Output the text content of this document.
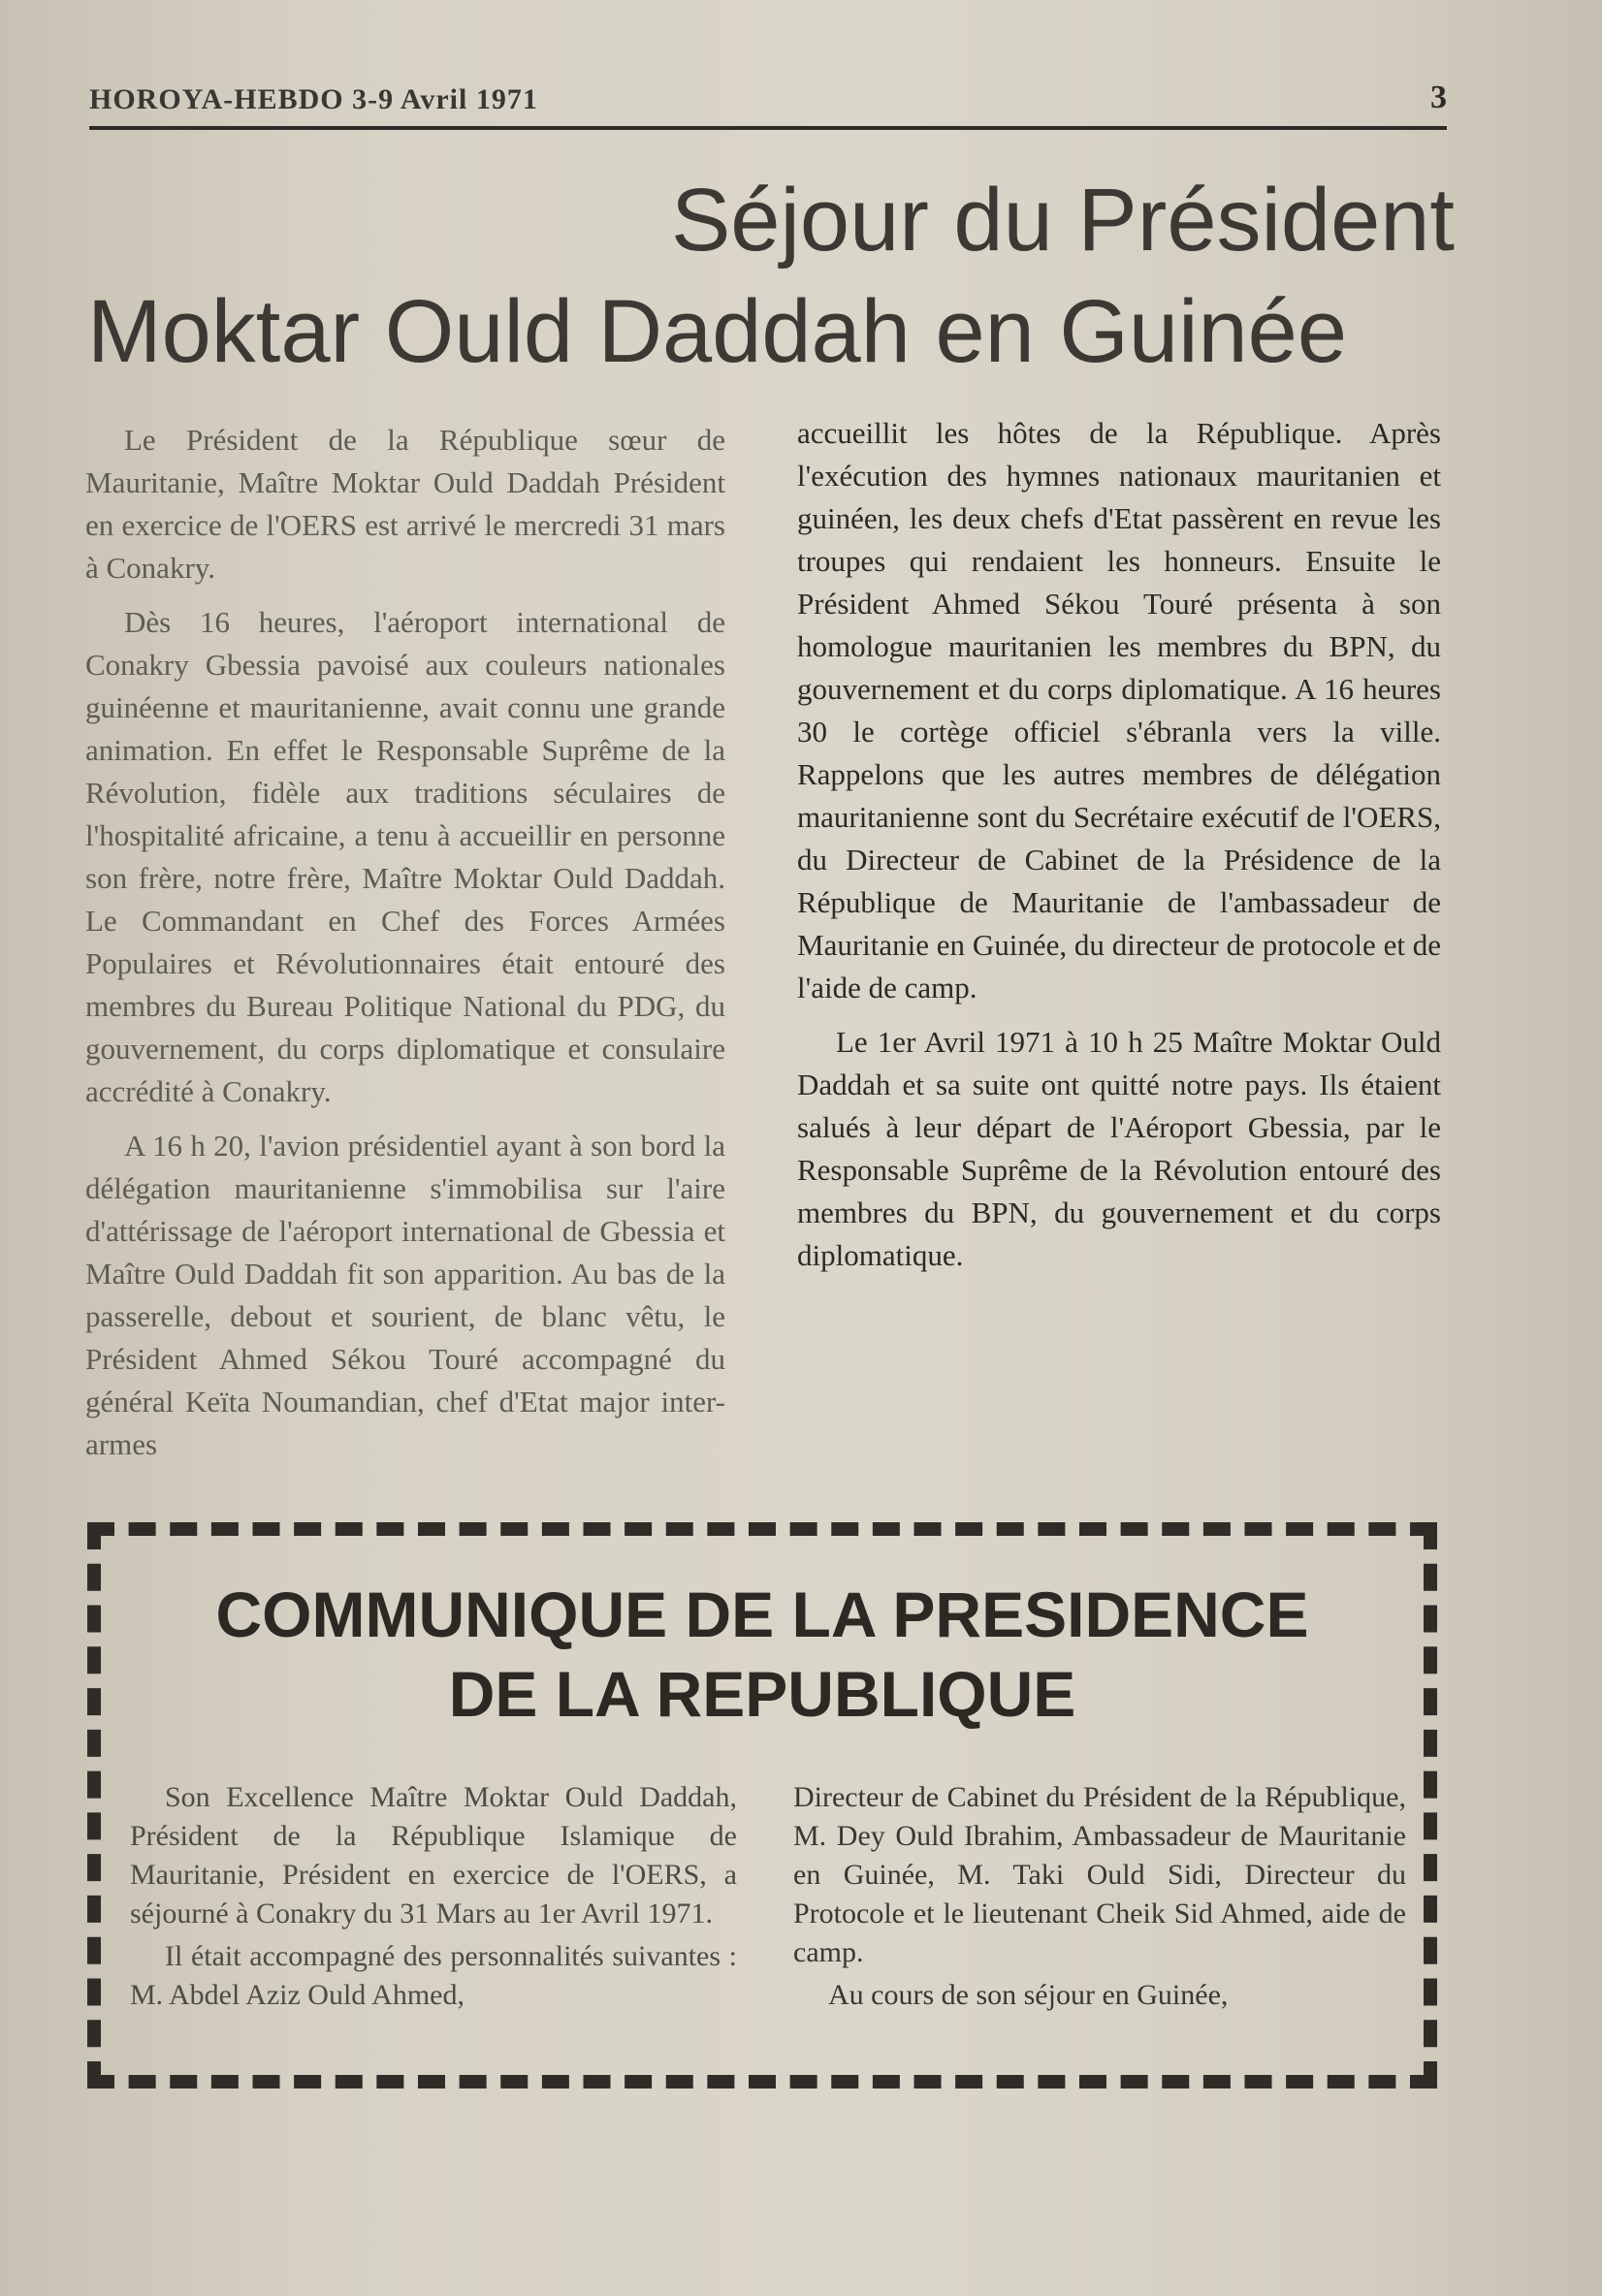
HOROYA-HEBDO 3-9 Avril 1971	3
Séjour du Président
Moktar Ould Daddah en Guinée

Le Président de la République sœur de Mauritanie, Maître Moktar Ould Daddah Président en exercice de l'OERS est arrivé le mercredi 31 mars à Conakry.

Dès 16 heures, l'aéroport international de Conakry Gbessia pavoisé aux couleurs nationales guinéenne et mauritanienne, avait connu une grande animation. En effet le Responsable Suprême de la Révolution, fidèle aux traditions séculaires de l'hospitalité africaine, a tenu à accueillir en personne son frère, notre frère, Maître Moktar Ould Daddah. Le Commandant en Chef des Forces Armées Populaires et Révolutionnaires était entouré des membres du Bureau Politique National du PDG, du gouvernement, du corps diplomatique et consulaire accrédité à Conakry.

A 16 h 20, l'avion présidentiel ayant à son bord la délégation mauritanienne s'immobilisa sur l'aire d'attérissage de l'aéroport international de Gbessia et Maître Ould Daddah fit son apparition. Au bas de la passerelle, debout et sourient, de blanc vêtu, le Président Ahmed Sékou Touré accompagné du général Keïta Noumandian, chef d'Etat major inter-armes

accueillit les hôtes de la République. Après l'exécution des hymnes nationaux mauritanien et guinéen, les deux chefs d'Etat passèrent en revue les troupes qui rendaient les honneurs. Ensuite le Président Ahmed Sékou Touré présenta à son homologue mauritanien les membres du BPN, du gouvernement et du corps diplomatique. A 16 heures 30 le cortège officiel s'ébranla vers la ville. Rappelons que les autres membres de délégation mauritanienne sont du Secrétaire exécutif de l'OERS, du Directeur de Cabinet de la Présidence de la République de Mauritanie de l'ambassadeur de Mauritanie en Guinée, du directeur de protocole et de l'aide de camp.

Le 1er Avril 1971 à 10 h 25 Maître Moktar Ould Daddah et sa suite ont quitté notre pays. Ils étaient salués à leur départ de l'Aéroport Gbessia, par le Responsable Suprême de la Révolution entouré des membres du BPN, du gouvernement et du corps diplomatique.

COMMUNIQUE DE LA PRESIDENCE
DE LA REPUBLIQUE

Son Excellence Maître Moktar Ould Daddah, Président de la République Islamique de Mauritanie, Président en exercice de l'OERS, a séjourné à Conakry du 31 Mars au 1er Avril 1971.

Il était accompagné des personnalités suivantes : M. Abdel Aziz Ould Ahmed,

Directeur de Cabinet du Président de la République, M. Dey Ould Ibrahim, Ambassadeur de Mauritanie en Guinée, M. Taki Ould Sidi, Directeur du Protocole et le lieutenant Cheik Sid Ahmed, aide de camp.

Au cours de son séjour en Guinée,
